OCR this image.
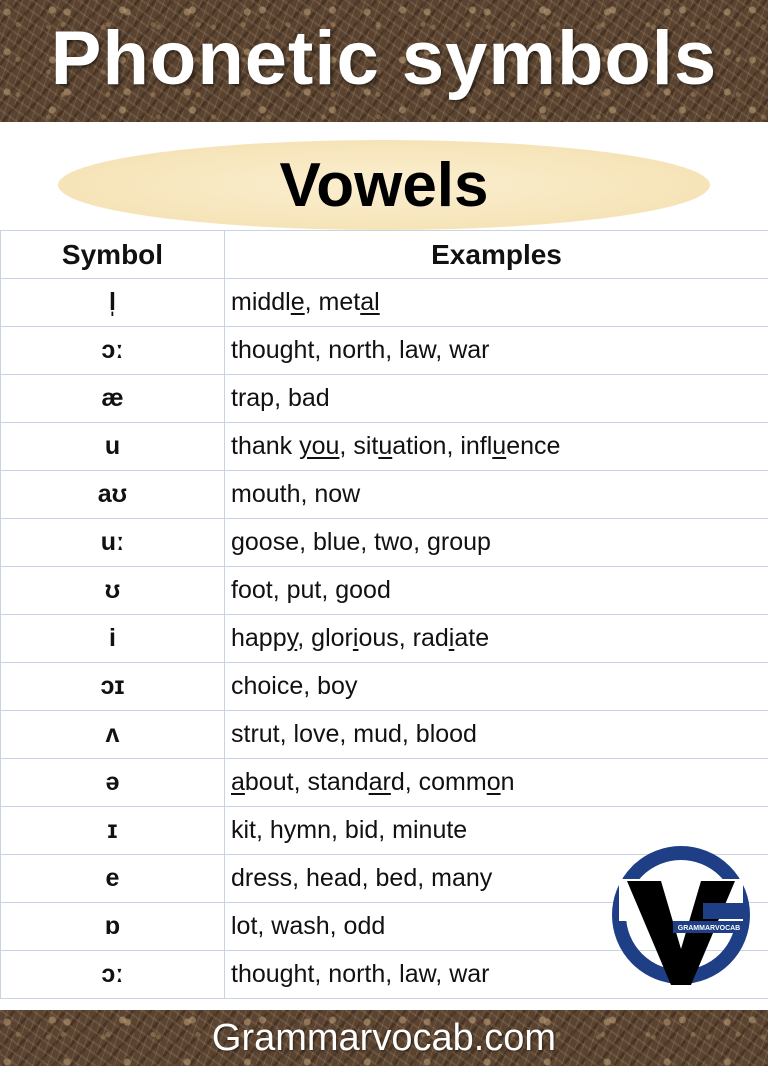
Phonetic symbols
Vowels
Symbol	Examples
l̩	middle, metal
ɔː	thought, north, law, war
æ	trap, bad
u	thank you, situation, influence
aʊ	mouth, now
uː	goose, blue, two, group
ʊ	foot, put, good
i	happy, glorious, radiate
ɔɪ	choice, boy
ʌ	strut, love, mud, blood
ə	about, standard, common
ɪ	kit, hymn, bid, minute
e	dress, head, bed, many
ɒ	lot, wash, odd
ɔː	thought, north, law, war
GRAMMARVOCAB
Grammarvocab.com
